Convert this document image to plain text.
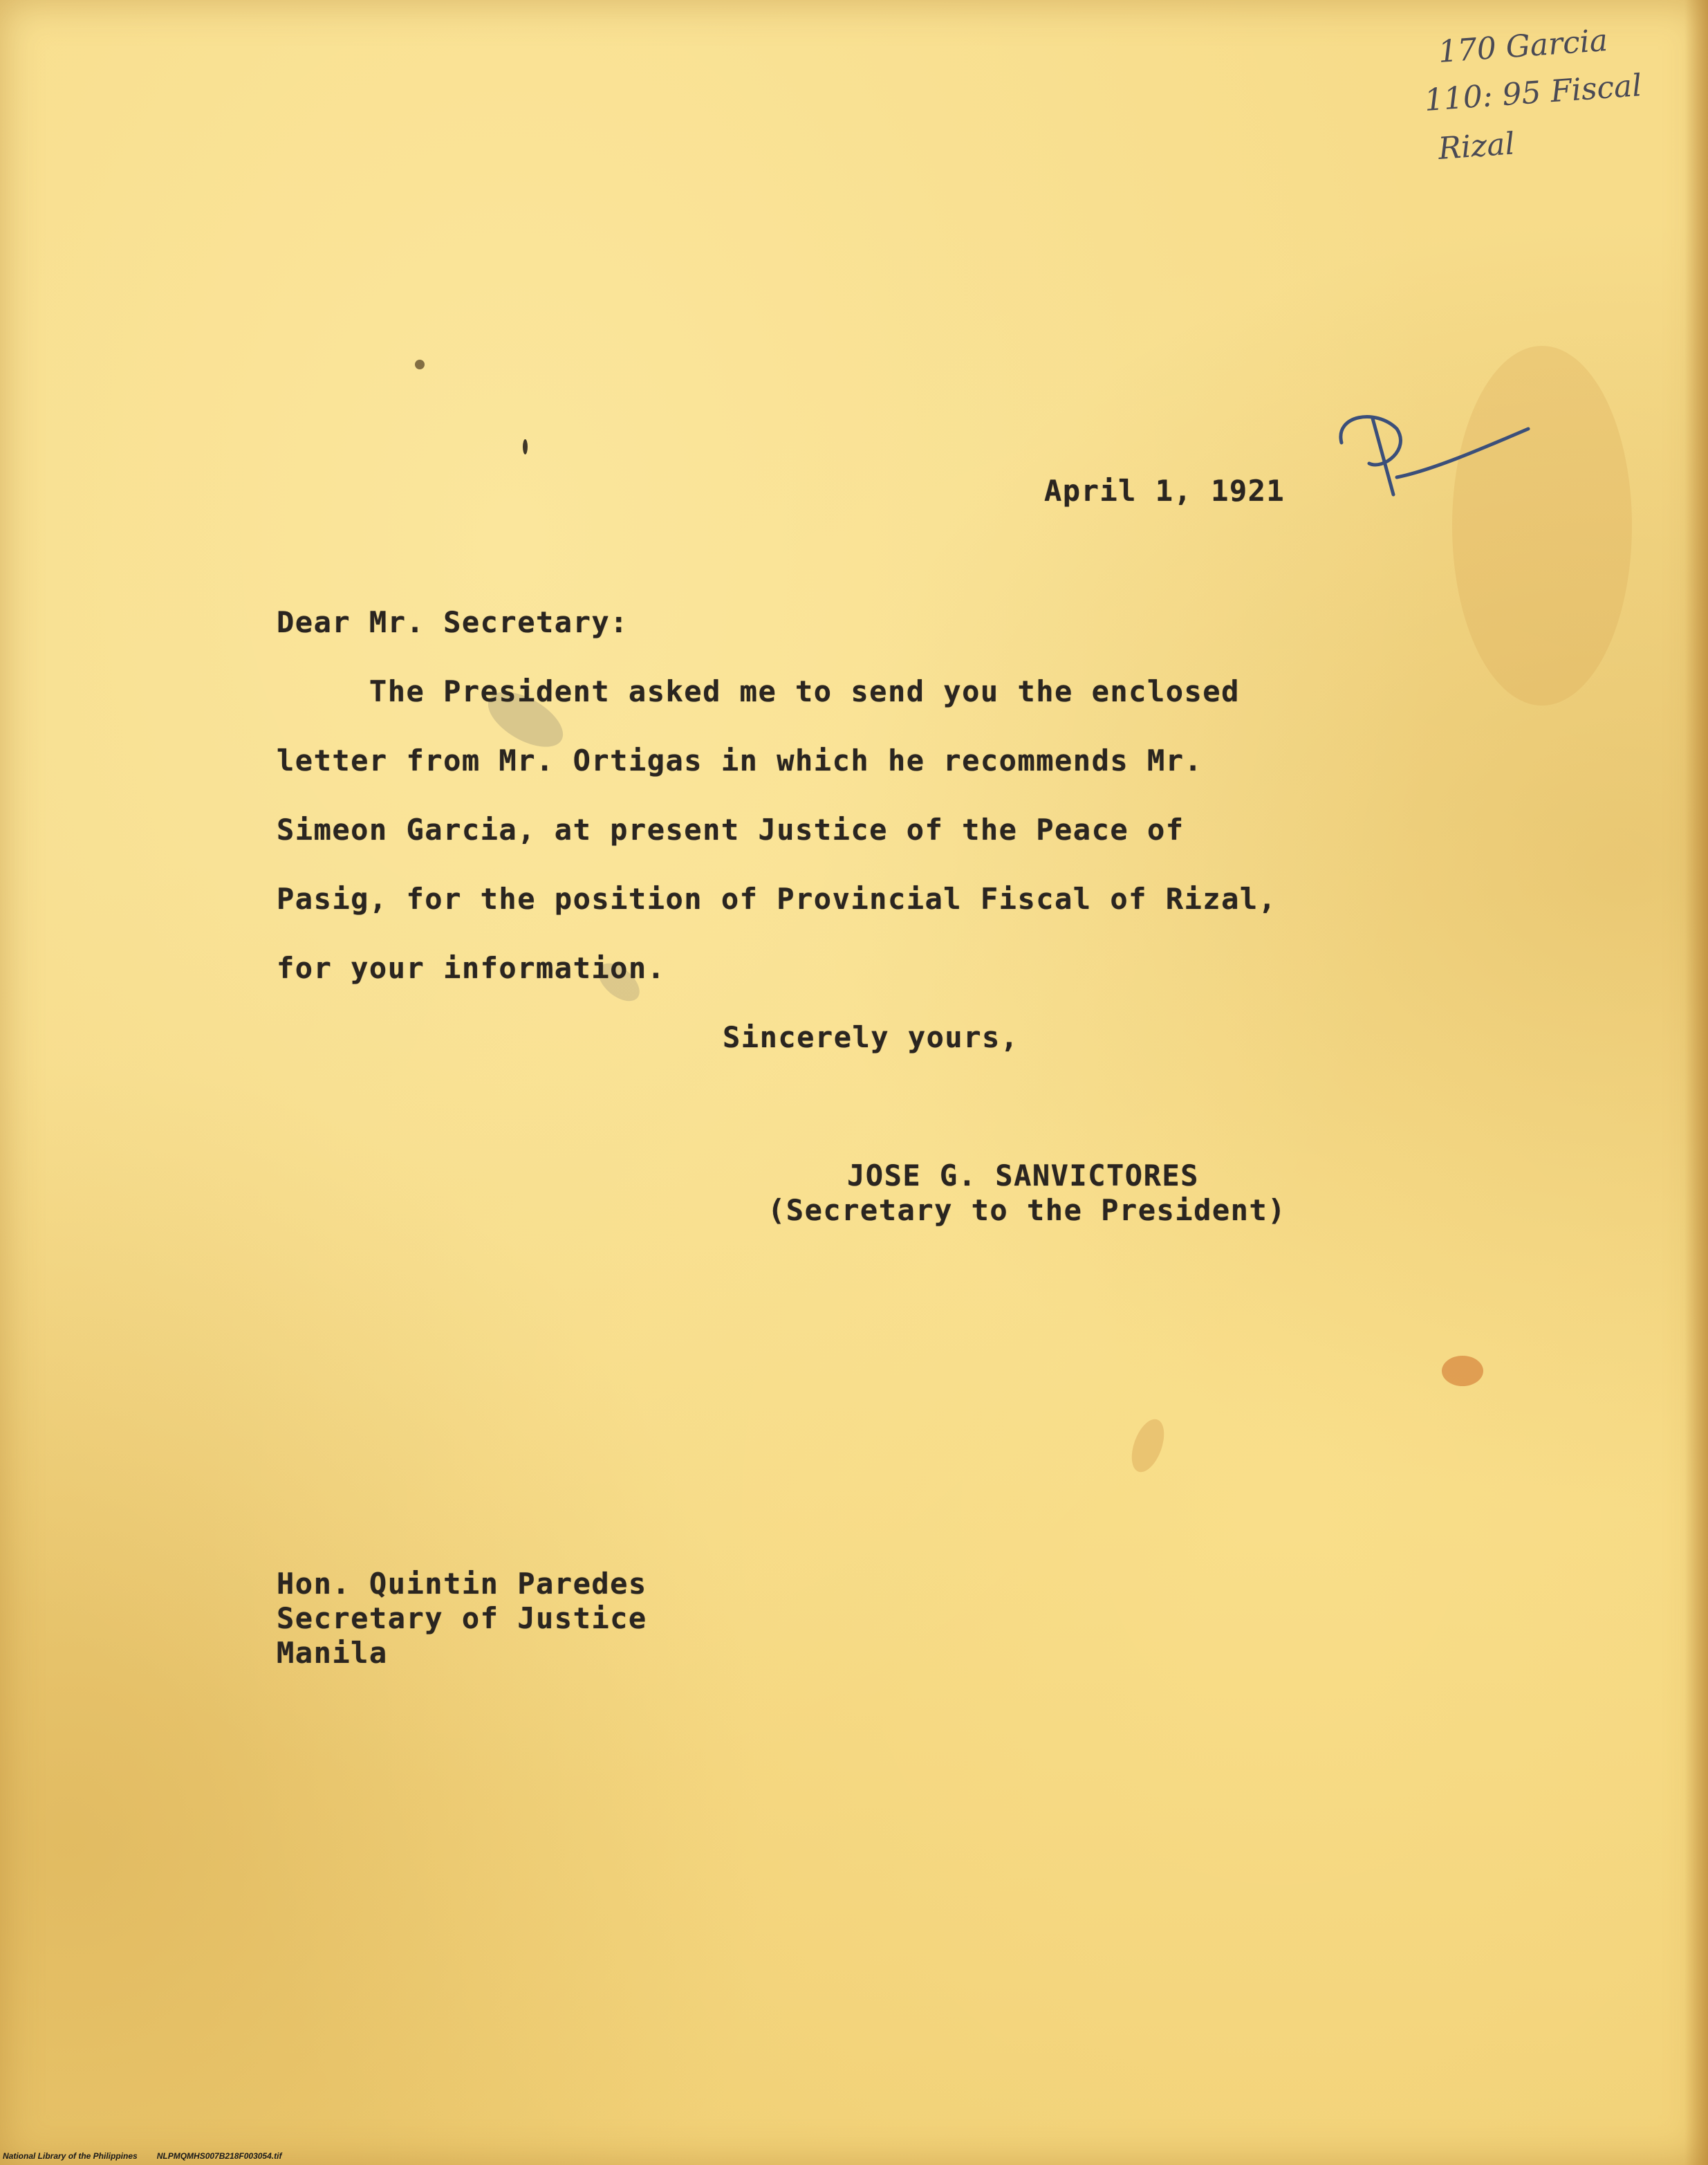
170 Garcia
110: 95 Fiscal
Rizal
April 1, 1921
Dear Mr. Secretary:
The President asked me to send you the enclosed
letter from Mr. Ortigas in which he recommends Mr.
Simeon Garcia, at present Justice of the Peace of
Pasig, for the position of Provincial Fiscal of Rizal,
for your information.
Sincerely yours,
JOSE G. SANVICTORES
(Secretary to the President)
Hon. Quintin Paredes
Secretary of Justice
Manila
National Library of the Philippines NLPMQMHS007B218F003054.tif
